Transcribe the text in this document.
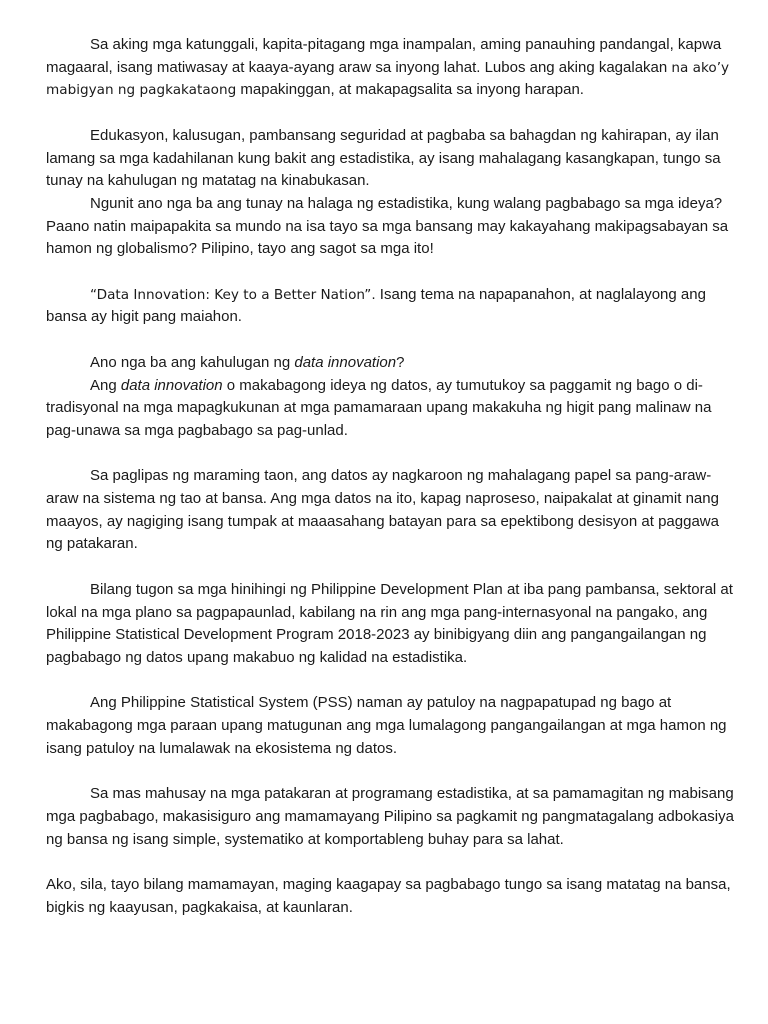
Sa aking mga katunggali, kapita-pitagang mga inampalan, aming panauhing pandangal, kapwa magaaral, isang matiwasay at kaaya-ayang araw sa inyong lahat. Lubos ang aking kagalakan na ako’y mabigyan ng pagkakataong mapakinggan, at makapagsalita sa inyong harapan.

Edukasyon, kalusugan, pambansang seguridad at pagbaba sa bahagdan ng kahirapan, ay ilan lamang sa mga kadahilanan kung bakit ang estadistika, ay isang mahalagang kasangkapan, tungo sa tunay na kahulugan ng matatag na kinabukasan.

Ngunit ano nga ba ang tunay na halaga ng estadistika, kung walang pagbabago sa mga ideya? Paano natin maipapakita sa mundo na isa tayo sa mga bansang may kakayahang makipagsabayan sa hamon ng globalismo? Pilipino, tayo ang sagot sa mga ito!

“Data Innovation: Key to a Better Nation”. Isang tema na napapanahon, at naglalayong ang bansa ay higit pang maiahon.

Ano nga ba ang kahulugan ng data innovation?

Ang data innovation o makabagong ideya ng datos, ay tumutukoy sa paggamit ng bago o di-tradisyonal na mga mapagkukunan at mga pamamaraan upang makakuha ng higit pang malinaw na pag-unawa sa mga pagbabago sa pag-unlad.

Sa paglipas ng maraming taon, ang datos ay nagkaroon ng mahalagang papel sa pang-araw-araw na sistema ng tao at bansa. Ang mga datos na ito, kapag naproseso, naipakalat at ginamit nang maayos, ay nagiging isang tumpak at maaasahang batayan para sa epektibong desisyon at paggawa ng patakaran.

Bilang tugon sa mga hinihingi ng Philippine Development Plan at iba pang pambansa, sektoral at lokal na mga plano sa pagpapaunlad, kabilang na rin ang mga pang-internasyonal na pangako, ang Philippine Statistical Development Program 2018-2023 ay binibigyang diin ang pangangailangan ng pagbabago ng datos upang makabuo ng kalidad na estadistika.

Ang Philippine Statistical System (PSS) naman ay patuloy na nagpapatupad ng bago at makabagong mga paraan upang matugunan ang mga lumalagong pangangailangan at mga hamon ng isang patuloy na lumalawak na ekosistema ng datos.

Sa mas mahusay na mga patakaran at programang estadistika, at sa pamamagitan ng mabisang mga pagbabago, makasisiguro ang mamamayang Pilipino sa pagkamit ng pangmatagalang adbokasiya ng bansa ng isang simple, systematiko at komportableng buhay para sa lahat.

Ako, sila, tayo bilang mamamayan, maging kaagapay sa pagbabago tungo sa isang matatag na bansa, bigkis ng kaayusan, pagkakaisa, at kaunlaran.
